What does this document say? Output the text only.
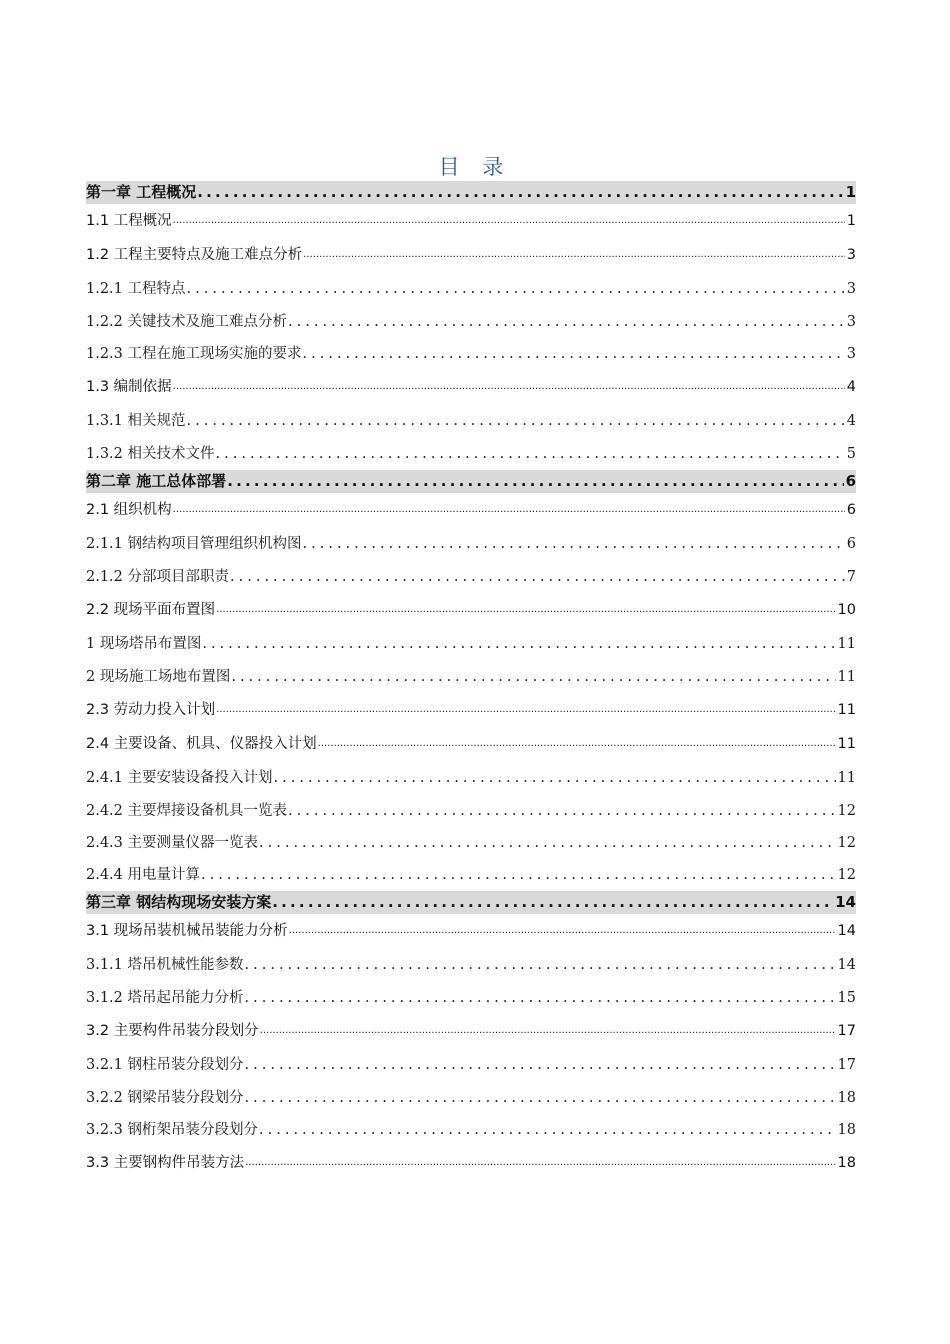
目 录
第一章 工程概况 .....	1
1.1 工程概况 .....	1
1.2 工程主要特点及施工难点分析 .....	3
1.2.1 工程特点 .....	3
1.2.2 关键技术及施工难点分析 .....	3
1.2.3 工程在施工现场实施的要求 .....	3
1.3 编制依据 .....	4
1.3.1 相关规范 .....	4
1.3.2 相关技术文件 .....	5
第二章 施工总体部署 .....	6
2.1 组织机构 .....	6
2.1.1 钢结构项目管理组织机构图 .....	6
2.1.2 分部项目部职责 .....	7
2.2 现场平面布置图 .....	10
1 现场塔吊布置图 .....	11
2 现场施工场地布置图 .....	11
2.3 劳动力投入计划 .....	11
2.4 主要设备、机具、仪器投入计划 .....	11
2.4.1 主要安装设备投入计划 .....	11
2.4.2 主要焊接设备机具一览表 .....	12
2.4.3 主要测量仪器一览表 .....	12
2.4.4 用电量计算 .....	12
第三章 钢结构现场安装方案 .....	14
3.1 现场吊装机械吊装能力分析 .....	14
3.1.1 塔吊机械性能参数 .....	14
3.1.2 塔吊起吊能力分析 .....	15
3.2 主要构件吊装分段划分 .....	17
3.2.1 钢柱吊装分段划分 .....	17
3.2.2 钢梁吊装分段划分 .....	18
3.2.3 钢桁架吊装分段划分 .....	18
3.3 主要钢构件吊装方法 .....	18
